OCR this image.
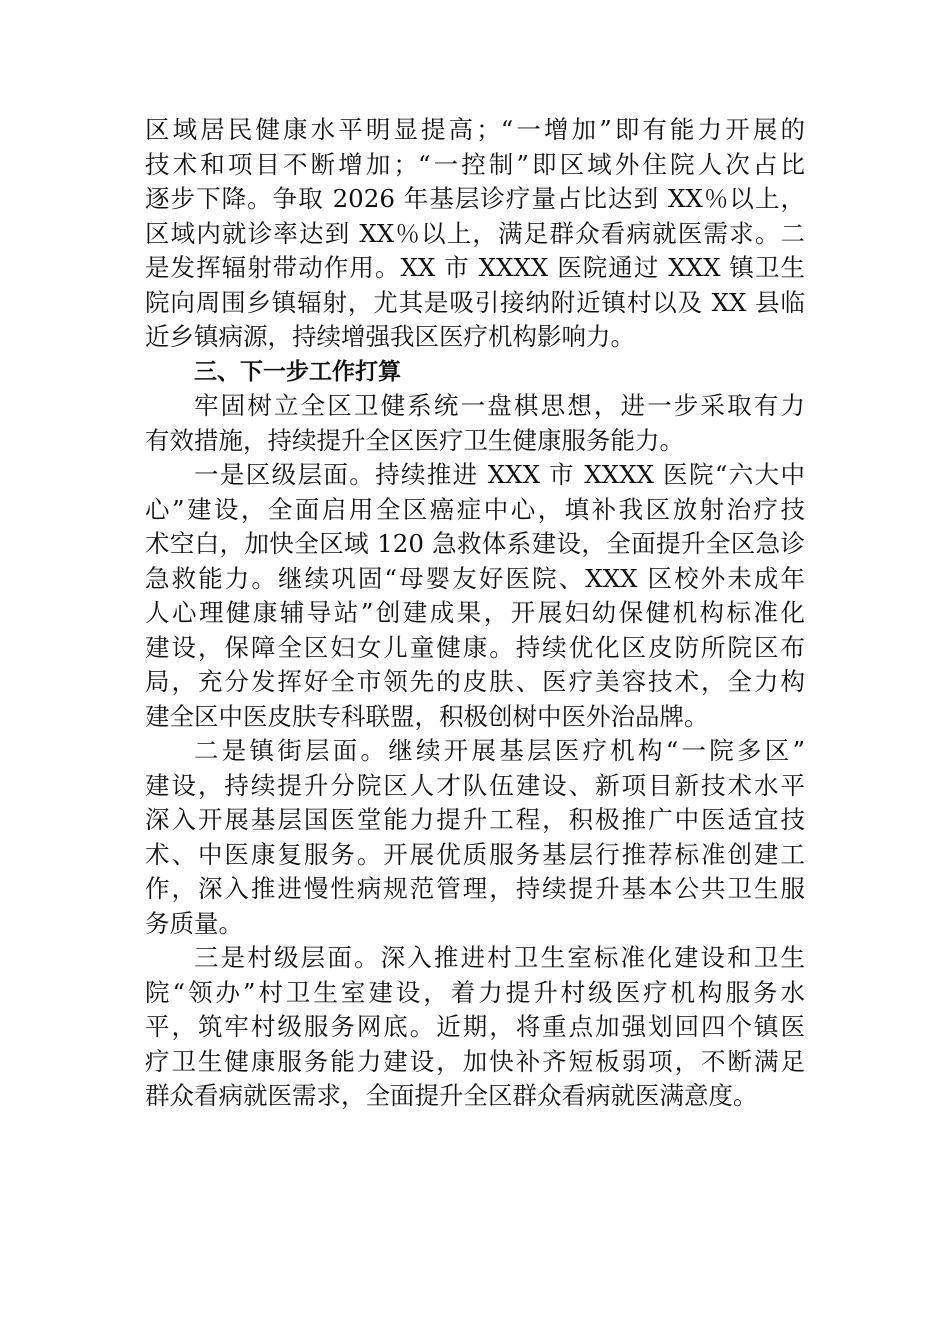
区域居民健康水平明显提高；“一增加”即有能力开展的
技术和项目不断增加；“一控制”即区域外住院人次占比
逐步下降。争取 2026 年基层诊疗量占比达到 XX％以上，
区域内就诊率达到 XX％以上，满足群众看病就医需求。二
是发挥辐射带动作用。XX 市 XXXX 医院通过 XXX 镇卫生
院向周围乡镇辐射，尤其是吸引接纳附近镇村以及 XX 县临
近乡镇病源，持续增强我区医疗机构影响力。
三、下一步工作打算
牢固树立全区卫健系统一盘棋思想，进一步采取有力
有效措施，持续提升全区医疗卫生健康服务能力。
一是区级层面。持续推进 XXX 市 XXXX 医院“六大中
心”建设，全面启用全区癌症中心，填补我区放射治疗技
术空白，加快全区域 120 急救体系建设，全面提升全区急诊
急救能力。继续巩固“母婴友好医院、XXX 区校外未成年
人心理健康辅导站”创建成果，开展妇幼保健机构标准化
建设，保障全区妇女儿童健康。持续优化区皮防所院区布
局，充分发挥好全市领先的皮肤、医疗美容技术，全力构
建全区中医皮肤专科联盟，积极创树中医外治品牌。
二是镇街层面。继续开展基层医疗机构“一院多区”
建设，持续提升分院区人才队伍建设、新项目新技术水平
深入开展基层国医堂能力提升工程，积极推广中医适宜技
术、中医康复服务。开展优质服务基层行推荐标准创建工
作，深入推进慢性病规范管理，持续提升基本公共卫生服
务质量。
三是村级层面。深入推进村卫生室标准化建设和卫生
院“领办”村卫生室建设，着力提升村级医疗机构服务水
平，筑牢村级服务网底。近期，将重点加强划回四个镇医
疗卫生健康服务能力建设，加快补齐短板弱项，不断满足
群众看病就医需求，全面提升全区群众看病就医满意度。
